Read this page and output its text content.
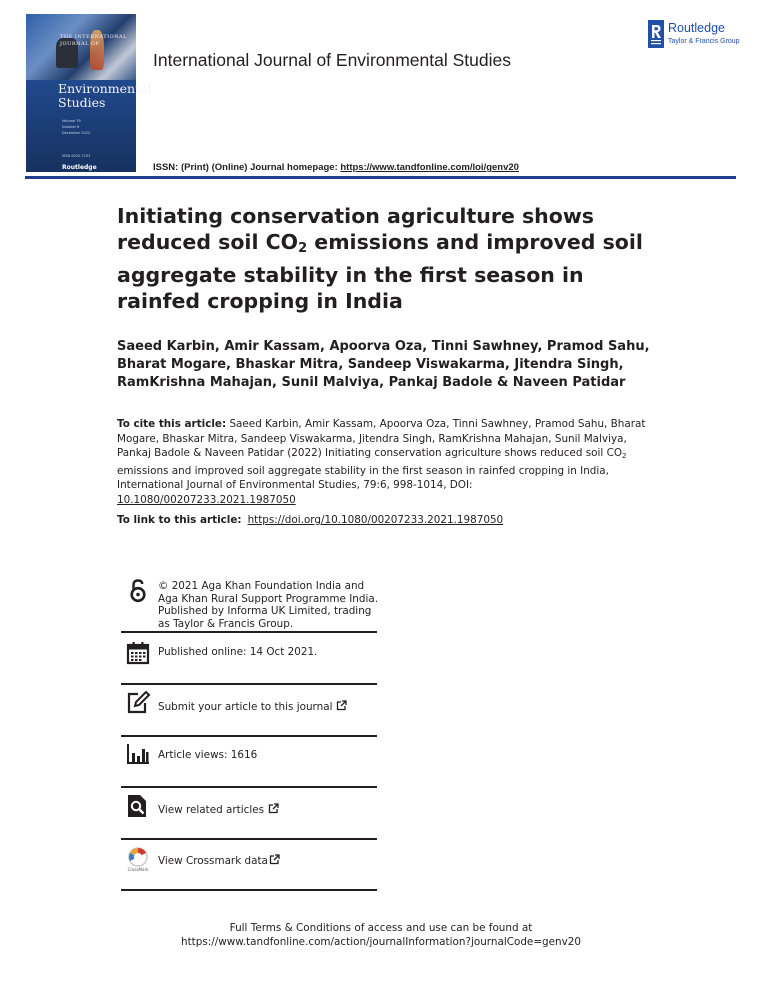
THE INTERNATIONAL JOURNAL OF
Environmental Studies
Volume 79
Number 6
December 2022
ISSN 0020-7233
Routledge
International Journal of Environmental Studies
Routledge
Taylor & Francis Group
ISSN: (Print) (Online) Journal homepage: https://www.tandfonline.com/loi/genv20
Initiating conservation agriculture shows reduced soil $CO_2$ emissions and improved soil aggregate stability in the first season in rainfed cropping in India
Saeed Karbin, Amir Kassam, Apoorva Oza, Tinni Sawhney, Pramod Sahu, Bharat Mogare, Bhaskar Mitra, Sandeep Viswakarma, Jitendra Singh, RamKrishna Mahajan, Sunil Malviya, Pankaj Badole & Naveen Patidar
To cite this article: Saeed Karbin, Amir Kassam, Apoorva Oza, Tinni Sawhney, Pramod Sahu, Bharat Mogare, Bhaskar Mitra, Sandeep Viswakarma, Jitendra Singh, RamKrishna Mahajan, Sunil Malviya, Pankaj Badole & Naveen Patidar (2022) Initiating conservation agriculture shows reduced soil $CO_2$ emissions and improved soil aggregate stability in the first season in rainfed cropping in India, International Journal of Environmental Studies, 79:6, 998-1014, DOI: 10.1080/00207233.2021.1987050
To link to this article: https://doi.org/10.1080/00207233.2021.1987050
© 2021 Aga Khan Foundation India and Aga Khan Rural Support Programme India. Published by Informa UK Limited, trading as Taylor & Francis Group.
Published online: 14 Oct 2021.
Submit your article to this journal
Article views: 1616
View related articles
CrossMark
View Crossmark data
Full Terms & Conditions of access and use can be found at
https://www.tandfonline.com/action/journalInformation?journalCode=genv20
